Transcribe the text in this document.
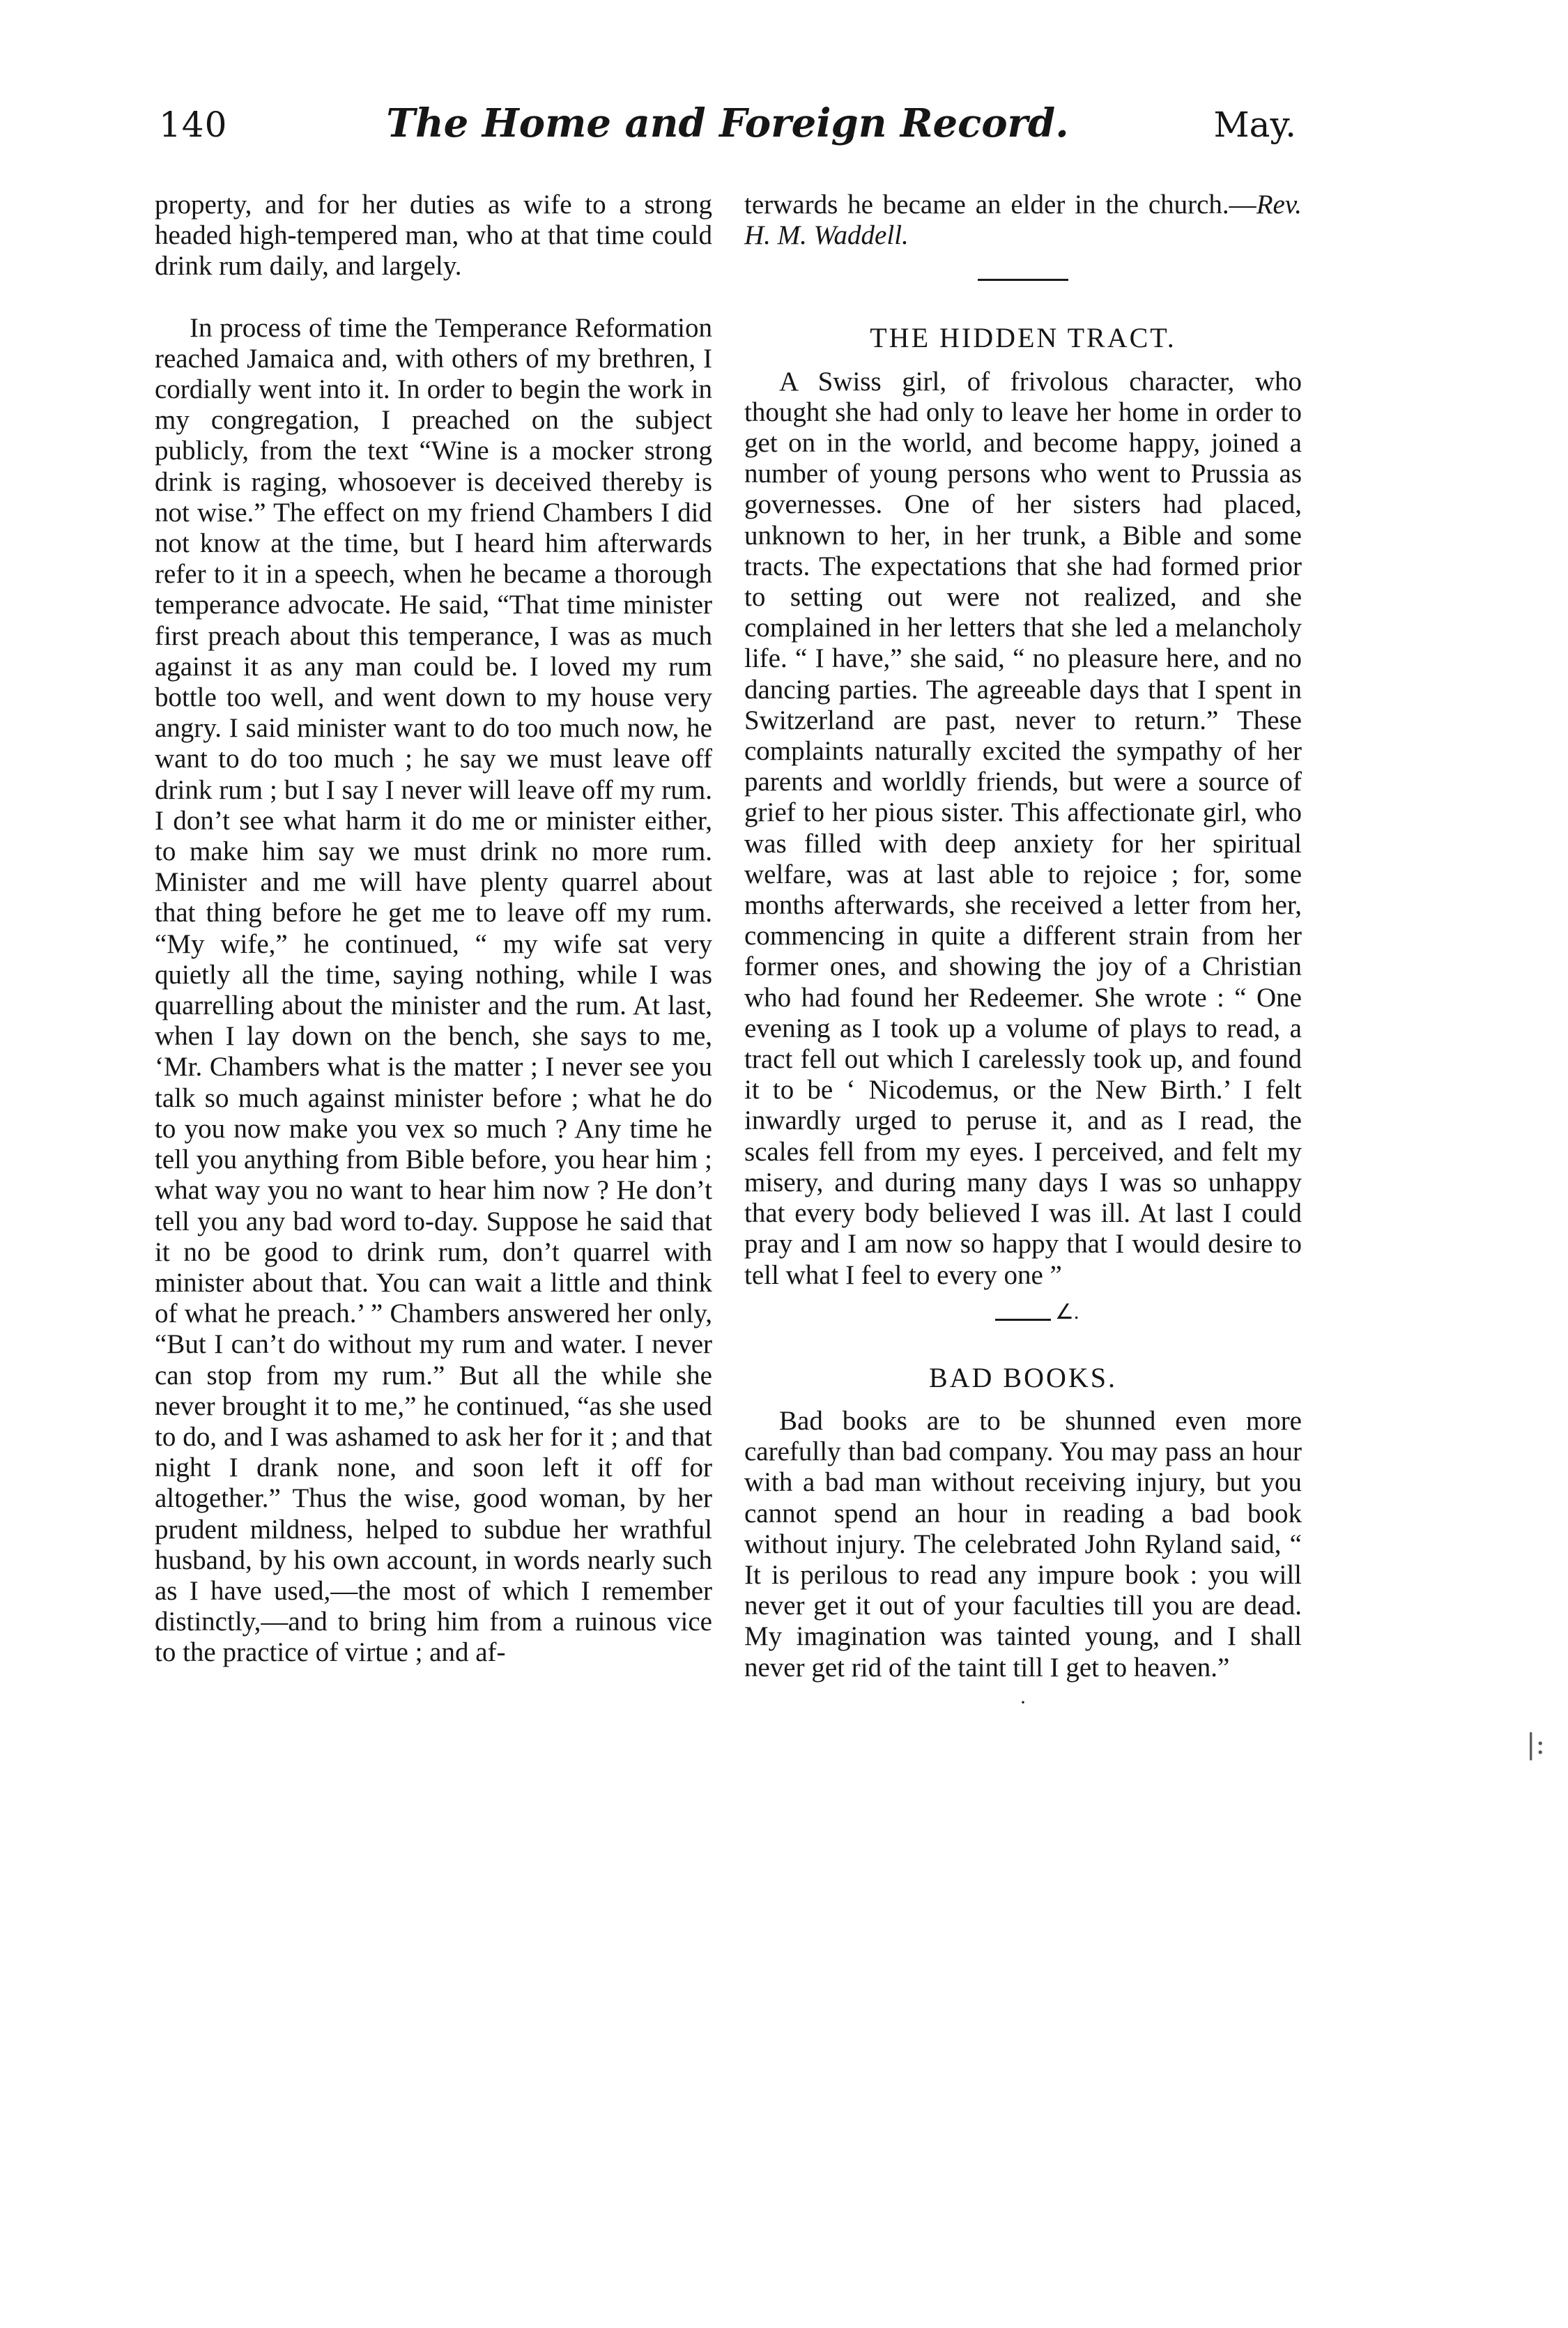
140	The Home and Foreign Record.	May.

property, and for her duties as wife to a strong headed high-tempered man, who at that time could drink rum daily, and largely.

In process of time the Temperance Reformation reached Jamaica and, with others of my brethren, I cordially went into it. In order to begin the work in my congregation, I preached on the subject publicly, from the text “Wine is a mocker strong drink is raging, whosoever is deceived thereby is not wise.” The effect on my friend Chambers I did not know at the time, but I heard him afterwards refer to it in a speech, when he became a thorough temperance advocate. He said, “That time minister first preach about this temperance, I was as much against it as any man could be. I loved my rum bottle too well, and went down to my house very angry. I said minister want to do too much now, he want to do too much ; he say we must leave off drink rum ; but I say I never will leave off my rum. I don’t see what harm it do me or minister either, to make him say we must drink no more rum. Minister and me will have plenty quarrel about that thing before he get me to leave off my rum. “My wife,” he continued, “ my wife sat very quietly all the time, saying nothing, while I was quarrelling about the minister and the rum. At last, when I lay down on the bench, she says to me, ‘Mr. Chambers what is the matter ; I never see you talk so much against minister before ; what he do to you now make you vex so much ? Any time he tell you anything from Bible before, you hear him ; what way you no want to hear him now ? He don’t tell you any bad word to-day. Suppose he said that it no be good to drink rum, don’t quarrel with minister about that. You can wait a little and think of what he preach.’ ” Chambers answered her only, “But I can’t do without my rum and water. I never can stop from my rum.” But all the while she never brought it to me,” he continued, “as she used to do, and I was ashamed to ask her for it ; and that night I drank none, and soon left it off for altogether.” Thus the wise, good woman, by her prudent mildness, helped to subdue her wrathful husband, by his own account, in words nearly such as I have used,—the most of which I remember distinctly,—and to bring him from a ruinous vice to the practice of virtue ; and af-

terwards he became an elder in the church.—Rev. H. M. Waddell.

THE HIDDEN TRACT.

A Swiss girl, of frivolous character, who thought she had only to leave her home in order to get on in the world, and become happy, joined a number of young persons who went to Prussia as governesses. One of her sisters had placed, unknown to her, in her trunk, a Bible and some tracts. The expectations that she had formed prior to setting out were not realized, and she complained in her letters that she led a melancholy life. “ I have,” she said, “ no pleasure here, and no dancing parties. The agreeable days that I spent in Switzerland are past, never to return.” These complaints naturally excited the sympathy of her parents and worldly friends, but were a source of grief to her pious sister. This affectionate girl, who was filled with deep anxiety for her spiritual welfare, was at last able to rejoice ; for, some months afterwards, she received a letter from her, commencing in quite a different strain from her former ones, and showing the joy of a Christian who had found her Redeemer. She wrote : “ One evening as I took up a volume of plays to read, a tract fell out which I carelessly took up, and found it to be ‘ Nicodemus, or the New Birth.’ I felt inwardly urged to peruse it, and as I read, the scales fell from my eyes. I perceived, and felt my misery, and during many days I was so unhappy that every body believed I was ill. At last I could pray and I am now so happy that I would desire to tell what I feel to every one ”

∠.
BAD BOOKS.

Bad books are to be shunned even more carefully than bad company. You may pass an hour with a bad man without receiving injury, but you cannot spend an hour in reading a bad book without injury. The celebrated John Ryland said, “ It is perilous to read any impure book : you will never get it out of your faculties till you are dead. My imagination was tainted young, and I shall never get rid of the taint till I get to heaven.”

·
|:
